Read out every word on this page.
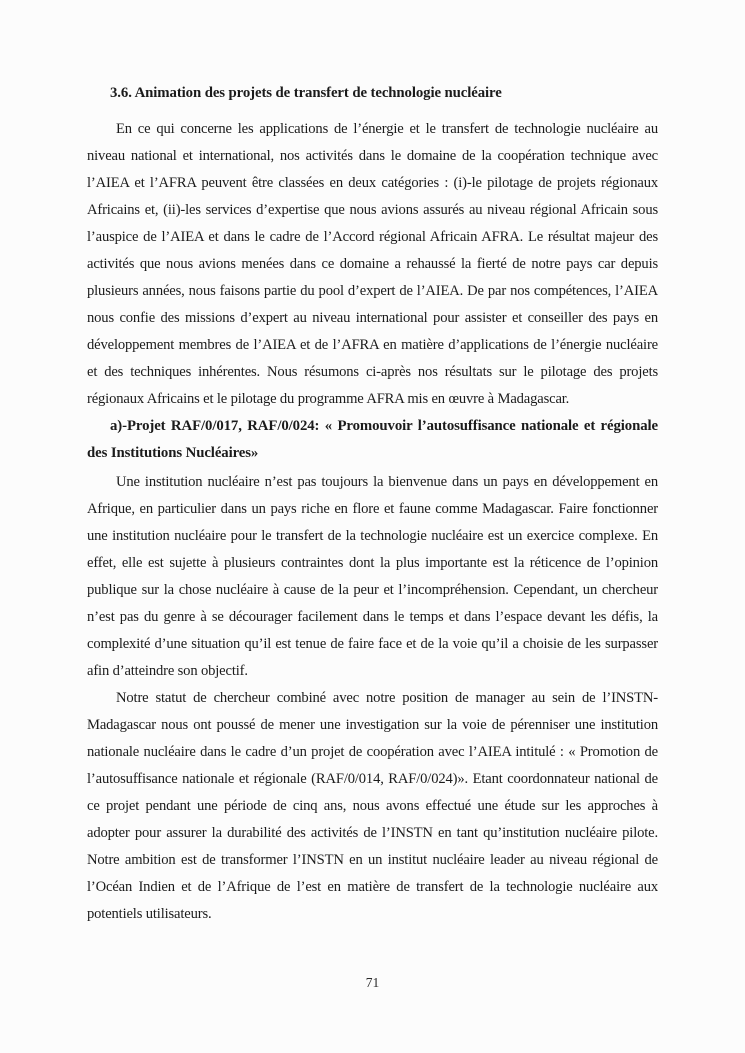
3.6. Animation des projets de transfert de technologie nucléaire

En ce qui concerne les applications de l’énergie et le transfert de technologie nucléaire au niveau national et international, nos activités dans le domaine de la coopération technique avec l’AIEA et l’AFRA peuvent être classées en deux catégories : (i)-le pilotage de projets régionaux Africains et, (ii)-les services d’expertise que nous avions assurés au niveau régional Africain sous l’auspice de l’AIEA et dans le cadre de l’Accord régional Africain AFRA. Le résultat majeur des activités que nous avions menées dans ce domaine a rehaussé la fierté de notre pays car depuis plusieurs années, nous faisons partie du pool d’expert de l’AIEA. De par nos compétences, l’AIEA nous confie des missions d’expert au niveau international pour assister et conseiller des pays en développement membres de l’AIEA et de l’AFRA en matière d’applications de l’énergie nucléaire et des techniques inhérentes. Nous résumons ci-après nos résultats sur le pilotage des projets régionaux Africains et le pilotage du programme AFRA mis en œuvre à Madagascar.

a)-Projet RAF/0/017, RAF/0/024: « Promouvoir l’autosuffisance nationale et régionale des Institutions Nucléaires»

Une institution nucléaire n’est pas toujours la bienvenue dans un pays en développement en Afrique, en particulier dans un pays riche en flore et faune comme Madagascar. Faire fonctionner une institution nucléaire pour le transfert de la technologie nucléaire est un exercice complexe. En effet, elle est sujette à plusieurs contraintes dont la plus importante est la réticence de l’opinion publique sur la chose nucléaire à cause de la peur et l’incompréhension. Cependant, un chercheur n’est pas du genre à se décourager facilement dans le temps et dans l’espace devant les défis, la complexité d’une situation qu’il est tenue de faire face et de la voie qu’il a choisie de les surpasser afin d’atteindre son objectif.

Notre statut de chercheur combiné avec notre position de manager au sein de l’INSTN-Madagascar nous ont poussé de mener une investigation sur la voie de pérenniser une institution nationale nucléaire dans le cadre d’un projet de coopération avec l’AIEA intitulé : « Promotion de l’autosuffisance nationale et régionale (RAF/0/014, RAF/0/024)». Etant coordonnateur national de ce projet pendant une période de cinq ans, nous avons effectué une étude sur les approches à adopter pour assurer la durabilité des activités de l’INSTN en tant qu’institution nucléaire pilote. Notre ambition est de transformer l’INSTN en un institut nucléaire leader au niveau régional de l’Océan Indien et de l’Afrique de l’est en matière de transfert de la technologie nucléaire aux potentiels utilisateurs.

71
